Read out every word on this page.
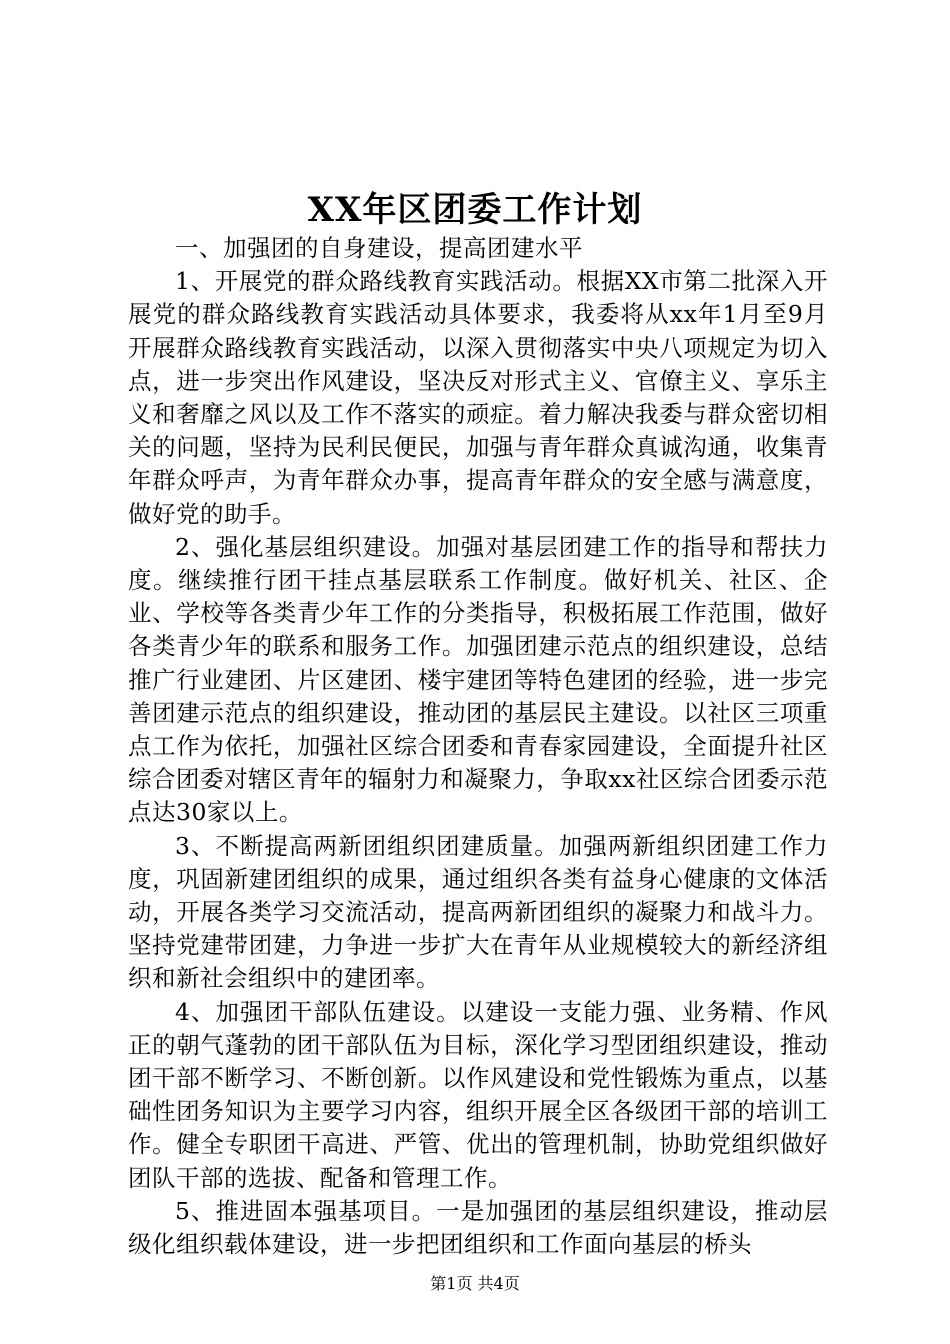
XX年区团委工作计划

一、加强团的自身建设，提高团建水平

1、开展党的群众路线教育实践活动。根据XX市第二批深入开展党的群众路线教育实践活动具体要求，我委将从xx年1月至9月开展群众路线教育实践活动，以深入贯彻落实中央八项规定为切入点，进一步突出作风建设，坚决反对形式主义、官僚主义、享乐主义和奢靡之风以及工作不落实的顽症。着力解决我委与群众密切相关的问题，坚持为民利民便民，加强与青年群众真诚沟通，收集青年群众呼声，为青年群众办事，提高青年群众的安全感与满意度，做好党的助手。

2、强化基层组织建设。加强对基层团建工作的指导和帮扶力度。继续推行团干挂点基层联系工作制度。做好机关、社区、企业、学校等各类青少年工作的分类指导，积极拓展工作范围，做好各类青少年的联系和服务工作。加强团建示范点的组织建设，总结推广行业建团、片区建团、楼宇建团等特色建团的经验，进一步完善团建示范点的组织建设，推动团的基层民主建设。以社区三项重点工作为依托，加强社区综合团委和青春家园建设，全面提升社区综合团委对辖区青年的辐射力和凝聚力，争取xx社区综合团委示范点达30家以上。

3、不断提高两新团组织团建质量。加强两新组织团建工作力度，巩固新建团组织的成果，通过组织各类有益身心健康的文体活动，开展各类学习交流活动，提高两新团组织的凝聚力和战斗力。坚持党建带团建，力争进一步扩大在青年从业规模较大的新经济组织和新社会组织中的建团率。

4、加强团干部队伍建设。以建设一支能力强、业务精、作风正的朝气蓬勃的团干部队伍为目标，深化学习型团组织建设，推动团干部不断学习、不断创新。以作风建设和党性锻炼为重点，以基础性团务知识为主要学习内容，组织开展全区各级团干部的培训工作。健全专职团干高进、严管、优出的管理机制，协助党组织做好团队干部的选拔、配备和管理工作。

5、推进固本强基项目。一是加强团的基层组织建设，推动层级化组织载体建设，进一步把团组织和工作面向基层的桥头

第1页 共4页
